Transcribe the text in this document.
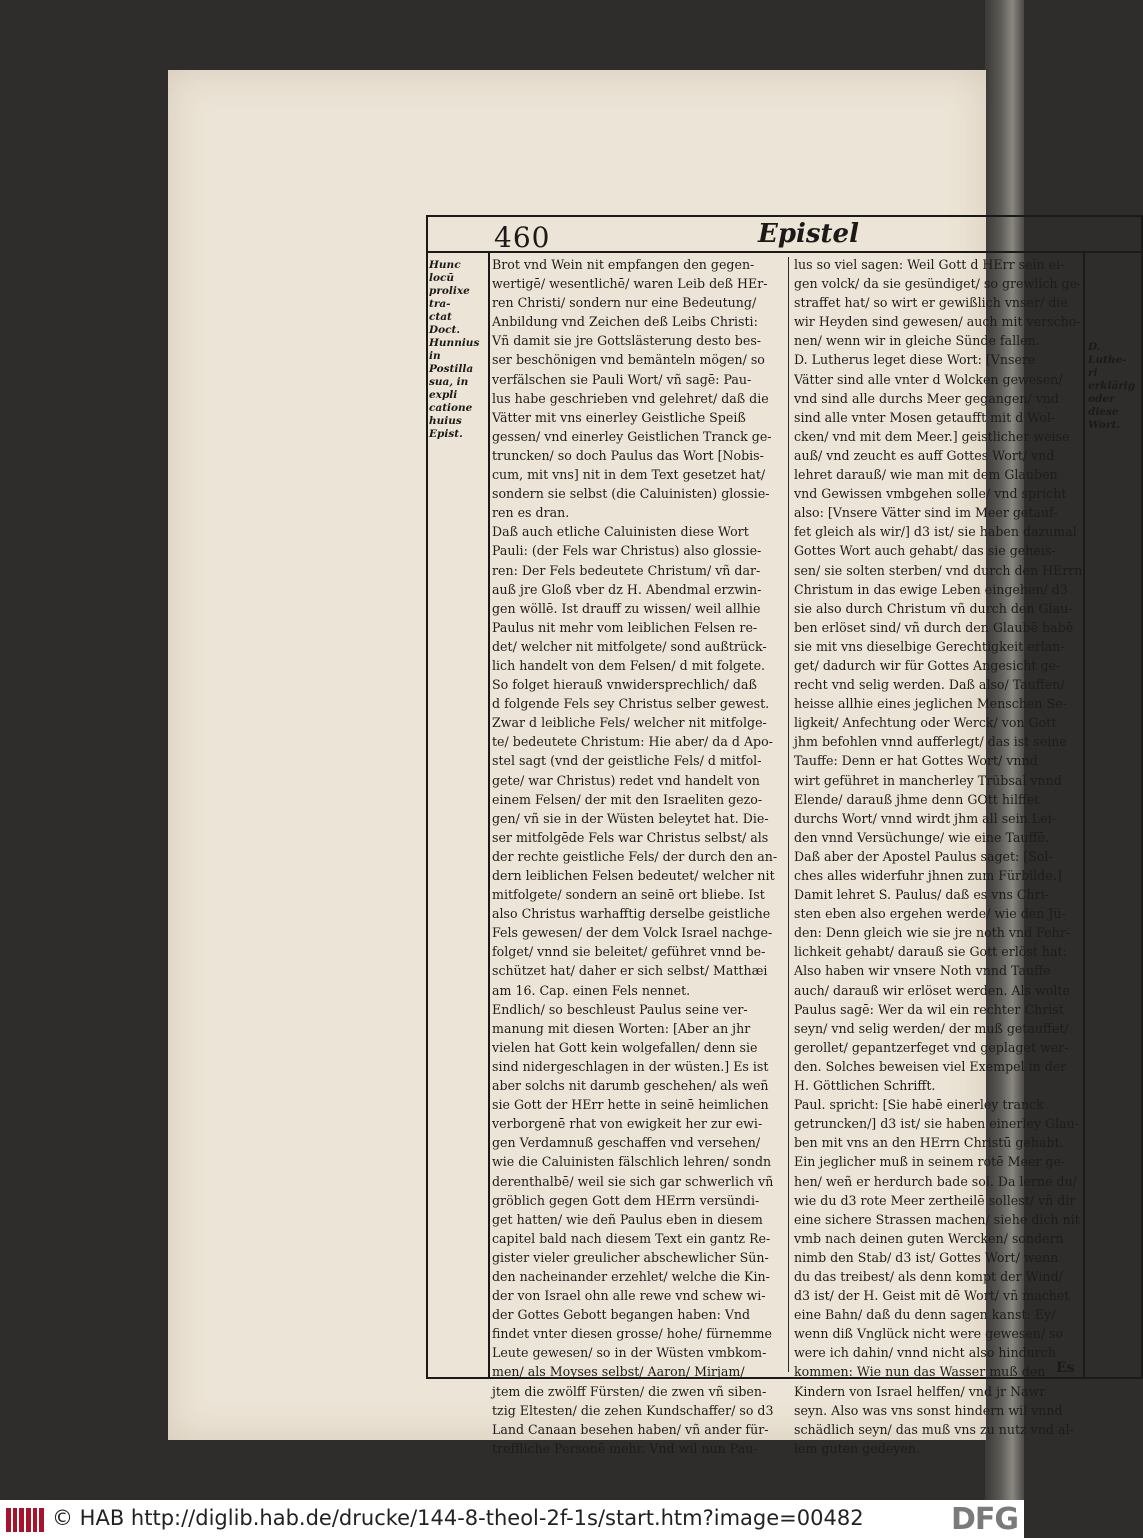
460	Epistel
Hunc locū
prolixe tra-
ctat Doct.
Hunnius
in Postilla
sua, in expli
catione
huius Epist.
D. Luthe-
ri erklärig
oder diese
Wort.
Brot vnd Wein nit empfangen den gegen-
wertigē/ wesentlichē/ waren Leib deß HEr-
ren Christi/ sondern nur eine Bedeutung/
Anbildung vnd Zeichen deß Leibs Christi:
Vñ damit sie jre Gottslästerung desto bes-
ser beschönigen vnd bemänteln mögen/ so
verfälschen sie Pauli Wort/ vñ sagē: Pau-
lus habe geschrieben vnd gelehret/ daß die
Vätter mit vns einerley Geistliche Speiß
gessen/ vnd einerley Geistlichen Tranck ge-
truncken/ so doch Paulus das Wort [Nobis-
cum, mit vns] nit in dem Text gesetzet hat/
sondern sie selbst (die Caluinisten) glossie-
ren es dran.
Daß auch etliche Caluinisten diese Wort
Pauli: (der Fels war Christus) also glossie-
ren: Der Fels bedeutete Christum/ vñ dar-
auß jre Gloß vber dz H. Abendmal erzwin-
gen wöllē. Ist drauff zu wissen/ weil allhie
Paulus nit mehr vom leiblichen Felsen re-
det/ welcher nit mitfolgete/ sond außtrück-
lich handelt von dem Felsen/ d mit folgete.
So folget hierauß vnwidersprechlich/ daß
d folgende Fels sey Christus selber gewest.
Zwar d leibliche Fels/ welcher nit mitfolge-
te/ bedeutete Christum: Hie aber/ da d Apo-
stel sagt (vnd der geistliche Fels/ d mitfol-
gete/ war Christus) redet vnd handelt von
einem Felsen/ der mit den Israeliten gezo-
gen/ vñ sie in der Wüsten beleytet hat. Die-
ser mitfolgēde Fels war Christus selbst/ als
der rechte geistliche Fels/ der durch den an-
dern leiblichen Felsen bedeutet/ welcher nit
mitfolgete/ sondern an seinē ort bliebe. Ist
also Christus warhafftig derselbe geistliche
Fels gewesen/ der dem Volck Israel nachge-
folget/ vnnd sie beleitet/ geführet vnnd be-
schützet hat/ daher er sich selbst/ Matthæi
am 16. Cap. einen Fels nennet.
Endlich/ so beschleust Paulus seine ver-
manung mit diesen Worten: [Aber an jhr
vielen hat Gott kein wolgefallen/ denn sie
sind nidergeschlagen in der wüsten.] Es ist
aber solchs nit darumb geschehen/ als weñ
sie Gott der HErr hette in seinē heimlichen
verborgenē rhat von ewigkeit her zur ewi-
gen Verdamnuß geschaffen vnd versehen/
wie die Caluinisten fälschlich lehren/ sondn
derenthalbē/ weil sie sich gar schwerlich vñ
gröblich gegen Gott dem HErrn versündi-
get hatten/ wie deñ Paulus eben in diesem
capitel bald nach diesem Text ein gantz Re-
gister vieler greulicher abschewlicher Sün-
den nacheinander erzehlet/ welche die Kin-
der von Israel ohn alle rewe vnd schew wi-
der Gottes Gebott begangen haben: Vnd
findet vnter diesen grosse/ hohe/ fürnemme
Leute gewesen/ so in der Wüsten vmbkom-
men/ als Moyses selbst/ Aaron/ Mirjam/
jtem die zwölff Fürsten/ die zwen vñ siben-
tzig Eltesten/ die zehen Kundschaffer/ so d3
Land Canaan besehen haben/ vñ ander für-
treffliche Personē mehr. Vnd wil nun Pau-
lus so viel sagen: Weil Gott d HErr sein ei-
gen volck/ da sie gesündiget/ so grewlich ge-
straffet hat/ so wirt er gewißlich vnser/ die
wir Heyden sind gewesen/ auch mit verscho-
nen/ wenn wir in gleiche Sünde fallen.
D. Lutherus leget diese Wort: [Vnsere
Vätter sind alle vnter d Wolcken gewesen/
vnd sind alle durchs Meer gegangen/ vnd
sind alle vnter Mosen getaufft mit d Wol-
cken/ vnd mit dem Meer.] geistlicher weise
auß/ vnd zeucht es auff Gottes Wort/ vnd
lehret darauß/ wie man mit dem Glauben
vnd Gewissen vmbgehen solle/ vnd spricht
also: [Vnsere Vätter sind im Meer getauf-
fet gleich als wir/] d3 ist/ sie haben dazumal
Gottes Wort auch gehabt/ das sie geheis-
sen/ sie solten sterben/ vnd durch den HErrn
Christum in das ewige Leben eingehen/ d3
sie also durch Christum vñ durch den Glau-
ben erlöset sind/ vñ durch den Glaubē habē
sie mit vns dieselbige Gerechtigkeit erlan-
get/ dadurch wir für Gottes Angesicht ge-
recht vnd selig werden. Daß also/ Tauffen/
heisse allhie eines jeglichen Menschen Se-
ligkeit/ Anfechtung oder Werck/ von Gott
jhm befohlen vnnd aufferlegt/ das ist seine
Tauffe: Denn er hat Gottes Wort/ vnnd
wirt geführet in mancherley Trübsal vnnd
Elende/ darauß jhme denn GOtt hilffet
durchs Wort/ vnnd wirdt jhm all sein Lei-
den vnnd Versüchunge/ wie eine Tauffē.
Daß aber der Apostel Paulus saget: [Sol-
ches alles widerfuhr jhnen zum Fürbilde.]
Damit lehret S. Paulus/ daß es vns Chri-
sten eben also ergehen werde/ wie den Jü-
den: Denn gleich wie sie jre noth vnd Fehr-
lichkeit gehabt/ darauß sie Gott erlöst hat:
Also haben wir vnsere Noth vnnd Tauffe
auch/ darauß wir erlöset werden. Als wolte
Paulus sagē: Wer da wil ein rechter Christ
seyn/ vnd selig werden/ der muß getauffet/
gerollet/ gepantzerfeget vnd geplaget wer-
den. Solches beweisen viel Exempel in der
H. Göttlichen Schrifft.
Paul. spricht: [Sie habē einerley tranck
getruncken/] d3 ist/ sie haben einerley Glau-
ben mit vns an den HErrn Christū gehabt.
Ein jeglicher muß in seinem rotē Meer ge-
hen/ weñ er herdurch bade sol. Da lerne du/
wie du d3 rote Meer zertheilē sollest/ vñ dir
eine sichere Strassen machen/ siehe dich nit
vmb nach deinen guten Wercken/ sondern
nimb den Stab/ d3 ist/ Gottes Wort/ wenn
du das treibest/ als denn kompt der Wind/
d3 ist/ der H. Geist mit dē Wort/ vñ machet
eine Bahn/ daß du denn sagen kanst: Ey/
wenn diß Vnglück nicht were gewesen/ so
were ich dahin/ vnnd nicht also hindurch
kommen: Wie nun das Wasser muß den
Kindern von Israel helffen/ vnd jr Nawr
seyn. Also was vns sonst hindern wil vnnd
schädlich seyn/ das muß vns zu nutz vnd al-
lem guten gedeyen.
Es
© HAB http://diglib.hab.de/drucke/144-8-theol-2f-1s/start.htm?image=00482	DFG
